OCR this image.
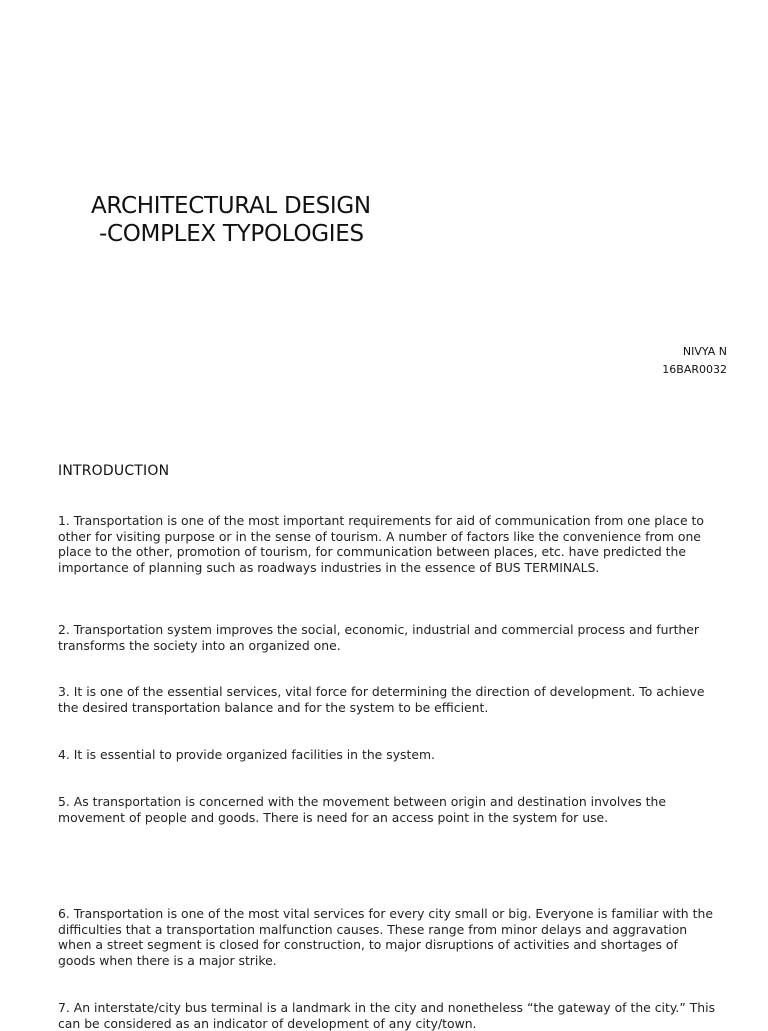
ARCHITECTURAL DESIGN
-COMPLEX TYPOLOGIES
NIVYA N
16BAR0032
INTRODUCTION

1. Transportation is one of the most important requirements for aid of communication from one place to other for visiting purpose or in the sense of tourism. A number of factors like the convenience from one place to the other, promotion of tourism, for communication between places, etc. have predicted the importance of planning such as roadways industries in the essence of BUS TERMINALS.

2. Transportation system improves the social, economic, industrial and commercial process and further transforms the society into an organized one.

3. It is one of the essential services, vital force for determining the direction of development. To achieve the desired transportation balance and for the system to be efficient.

4. It is essential to provide organized facilities in the system.

5. As transportation is concerned with the movement between origin and destination involves the movement of people and goods. There is need for an access point in the system for use.

6. Transportation is one of the most vital services for every city small or big. Everyone is familiar with the difficulties that a transportation malfunction causes. These range from minor delays and aggravation when a street segment is closed for construction, to major disruptions of activities and shortages of goods when there is a major strike.

7. An interstate/city bus terminal is a landmark in the city and nonetheless “the gateway of the city.” This can be considered as an indicator of development of any city/town.
